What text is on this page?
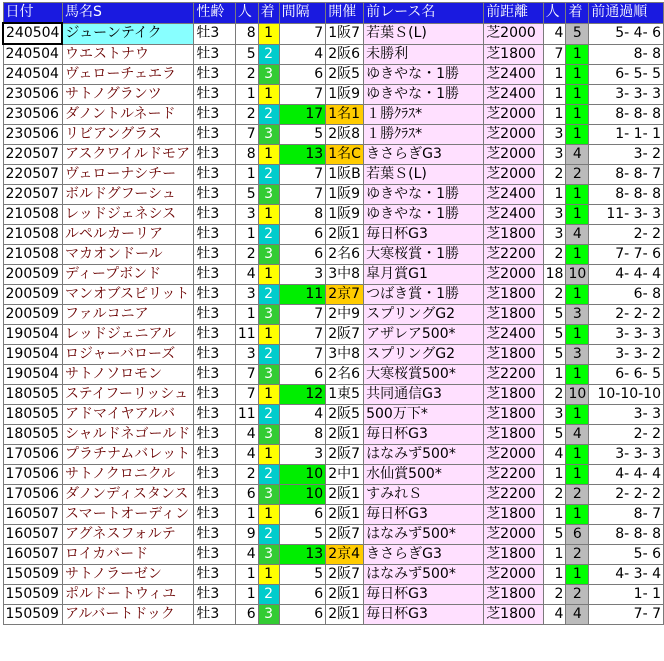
日付	馬名S	性齢	人	着	間隔	開催	前レース名	前距離	人	着	前通過順
240504	ジューンテイク	牡3	8	1	7	1阪7	若葉Ｓ(L)	芝2000	4	5	5- 4- 6
240504	ウエストナウ	牡3	5	2	4	2阪6	未勝利	芝1800	7	1	8- 8
240504	ヴェローチェエラ	牡3	2	3	6	2阪5	ゆきやな・1勝	芝2400	1	1	6- 5- 5
230506	サトノグランツ	牡3	1	1	7	1阪9	ゆきやな・1勝	芝2400	1	1	3- 3- 3
230506	ダノントルネード	牡3	2	2	17	1名1	１勝ｸﾗｽ*	芝2000	1	1	8- 8- 8
230506	リビアングラス	牡3	7	3	5	2阪8	１勝ｸﾗｽ*	芝2000	3	1	1- 1- 1
220507	アスクワイルドモア	牡3	8	1	13	1名C	きさらぎG3	芝2000	3	4	3- 2
220507	ヴェローナシチー	牡3	1	2	7	1阪B	若葉Ｓ(L)	芝2000	2	2	8- 8- 7
220507	ボルドグフーシュ	牡3	5	3	7	1阪9	ゆきやな・1勝	芝2400	1	1	8- 8- 8
210508	レッドジェネシス	牡3	3	1	8	1阪9	ゆきやな・1勝	芝2400	3	1	11- 3- 3
210508	ルペルカーリア	牡3	1	2	6	2阪1	毎日杯G3	芝1800	3	4	2- 2
210508	マカオンドール	牡3	2	3	6	2名6	大寒桜賞・1勝	芝2200	2	1	7- 7- 6
200509	ディープボンド	牡3	4	1	3	3中8	皐月賞G1	芝2000	18	10	4- 4- 4
200509	マンオブスピリット	牡3	3	2	11	2京7	つばき賞・1勝	芝1800	2	1	6- 8
200509	ファルコニア	牡3	1	3	7	2中9	スプリングG2	芝1800	5	3	2- 2- 2
190504	レッドジェニアル	牡3	11	1	7	2阪7	アザレア500*	芝2400	5	1	3- 3- 3
190504	ロジャーバローズ	牡3	3	2	7	3中8	スプリングG2	芝1800	5	3	3- 3- 2
190504	サトノソロモン	牡3	7	3	6	2名6	大寒桜賞500*	芝2200	1	1	6- 6- 5
180505	ステイフーリッシュ	牡3	7	1	12	1東5	共同通信G3	芝1800	2	10	10-10-10
180505	アドマイヤアルバ	牡3	11	2	4	2阪5	500万下*	芝1800	3	1	3- 3
180505	シャルドネゴールド	牡3	4	3	8	2阪1	毎日杯G3	芝1800	5	4	2- 2
170506	プラチナムバレット	牡3	4	1	3	2阪7	はなみず500*	芝2000	4	1	3- 3- 3
170506	サトノクロニクル	牡3	2	2	10	2中1	水仙賞500*	芝2200	1	1	4- 4- 4
170506	ダノンディスタンス	牡3	6	3	10	2阪1	すみれＳ	芝2200	2	2	2- 2- 2
160507	スマートオーディン	牡3	1	1	6	2阪1	毎日杯G3	芝1800	1	1	8- 7
160507	アグネスフォルテ	牡3	9	2	5	2阪7	はなみず500*	芝2000	5	6	8- 8- 8
160507	ロイカバード	牡3	4	3	13	2京4	きさらぎG3	芝1800	1	2	5- 6
150509	サトノラーゼン	牡3	1	1	5	2阪7	はなみず500*	芝2000	1	1	4- 3- 4
150509	ポルドートウィユ	牡3	1	2	6	2阪1	毎日杯G3	芝1800	2	2	1- 1
150509	アルバートドック	牡3	6	3	6	2阪1	毎日杯G3	芝1800	4	4	7- 7
